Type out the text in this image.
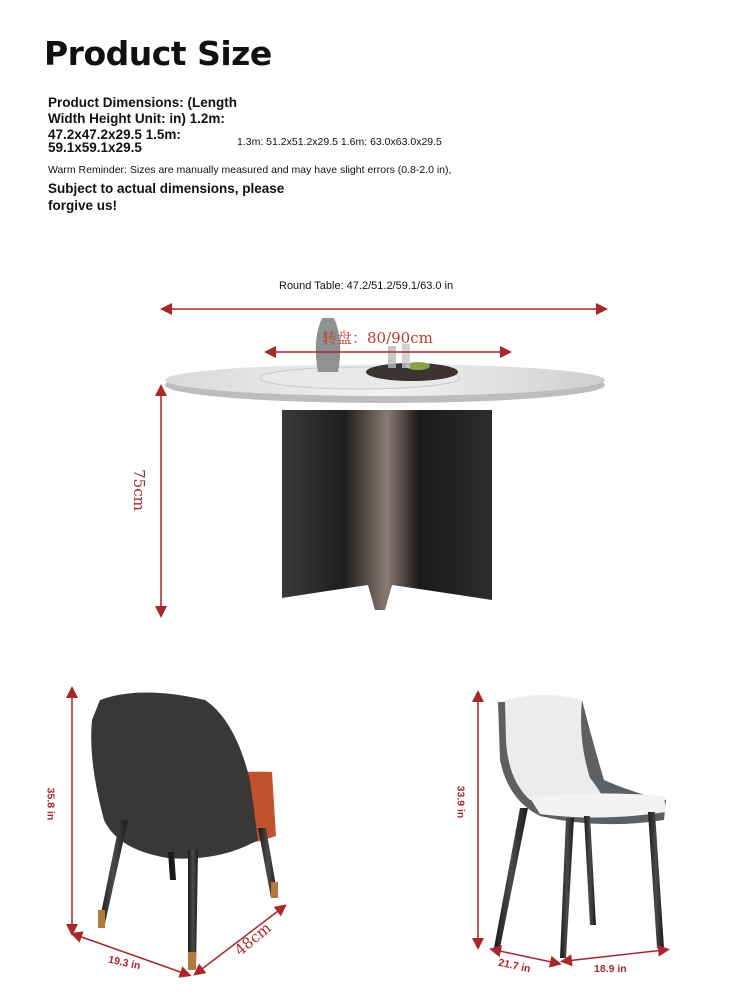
Product Size
Product Dimensions: (Length Width Height Unit: in) 1.2m: 47.2x47.2x29.5 1.5m:
59.1x59.1x29.5	1.3m: 51.2x51.2x29.5 1.6m: 63.0x63.0x29.5
Warm Reminder: Sizes are manually measured and may have slight errors (0.8-2.0 in),
Subject to actual dimensions, please forgive us!
Round Table: 47.2/51.2/59.1/63.0 in
转盘：80/90cm
75cm
35.8 in
19.3 in
48cm
33.9 in
21.7 in	18.9 in
